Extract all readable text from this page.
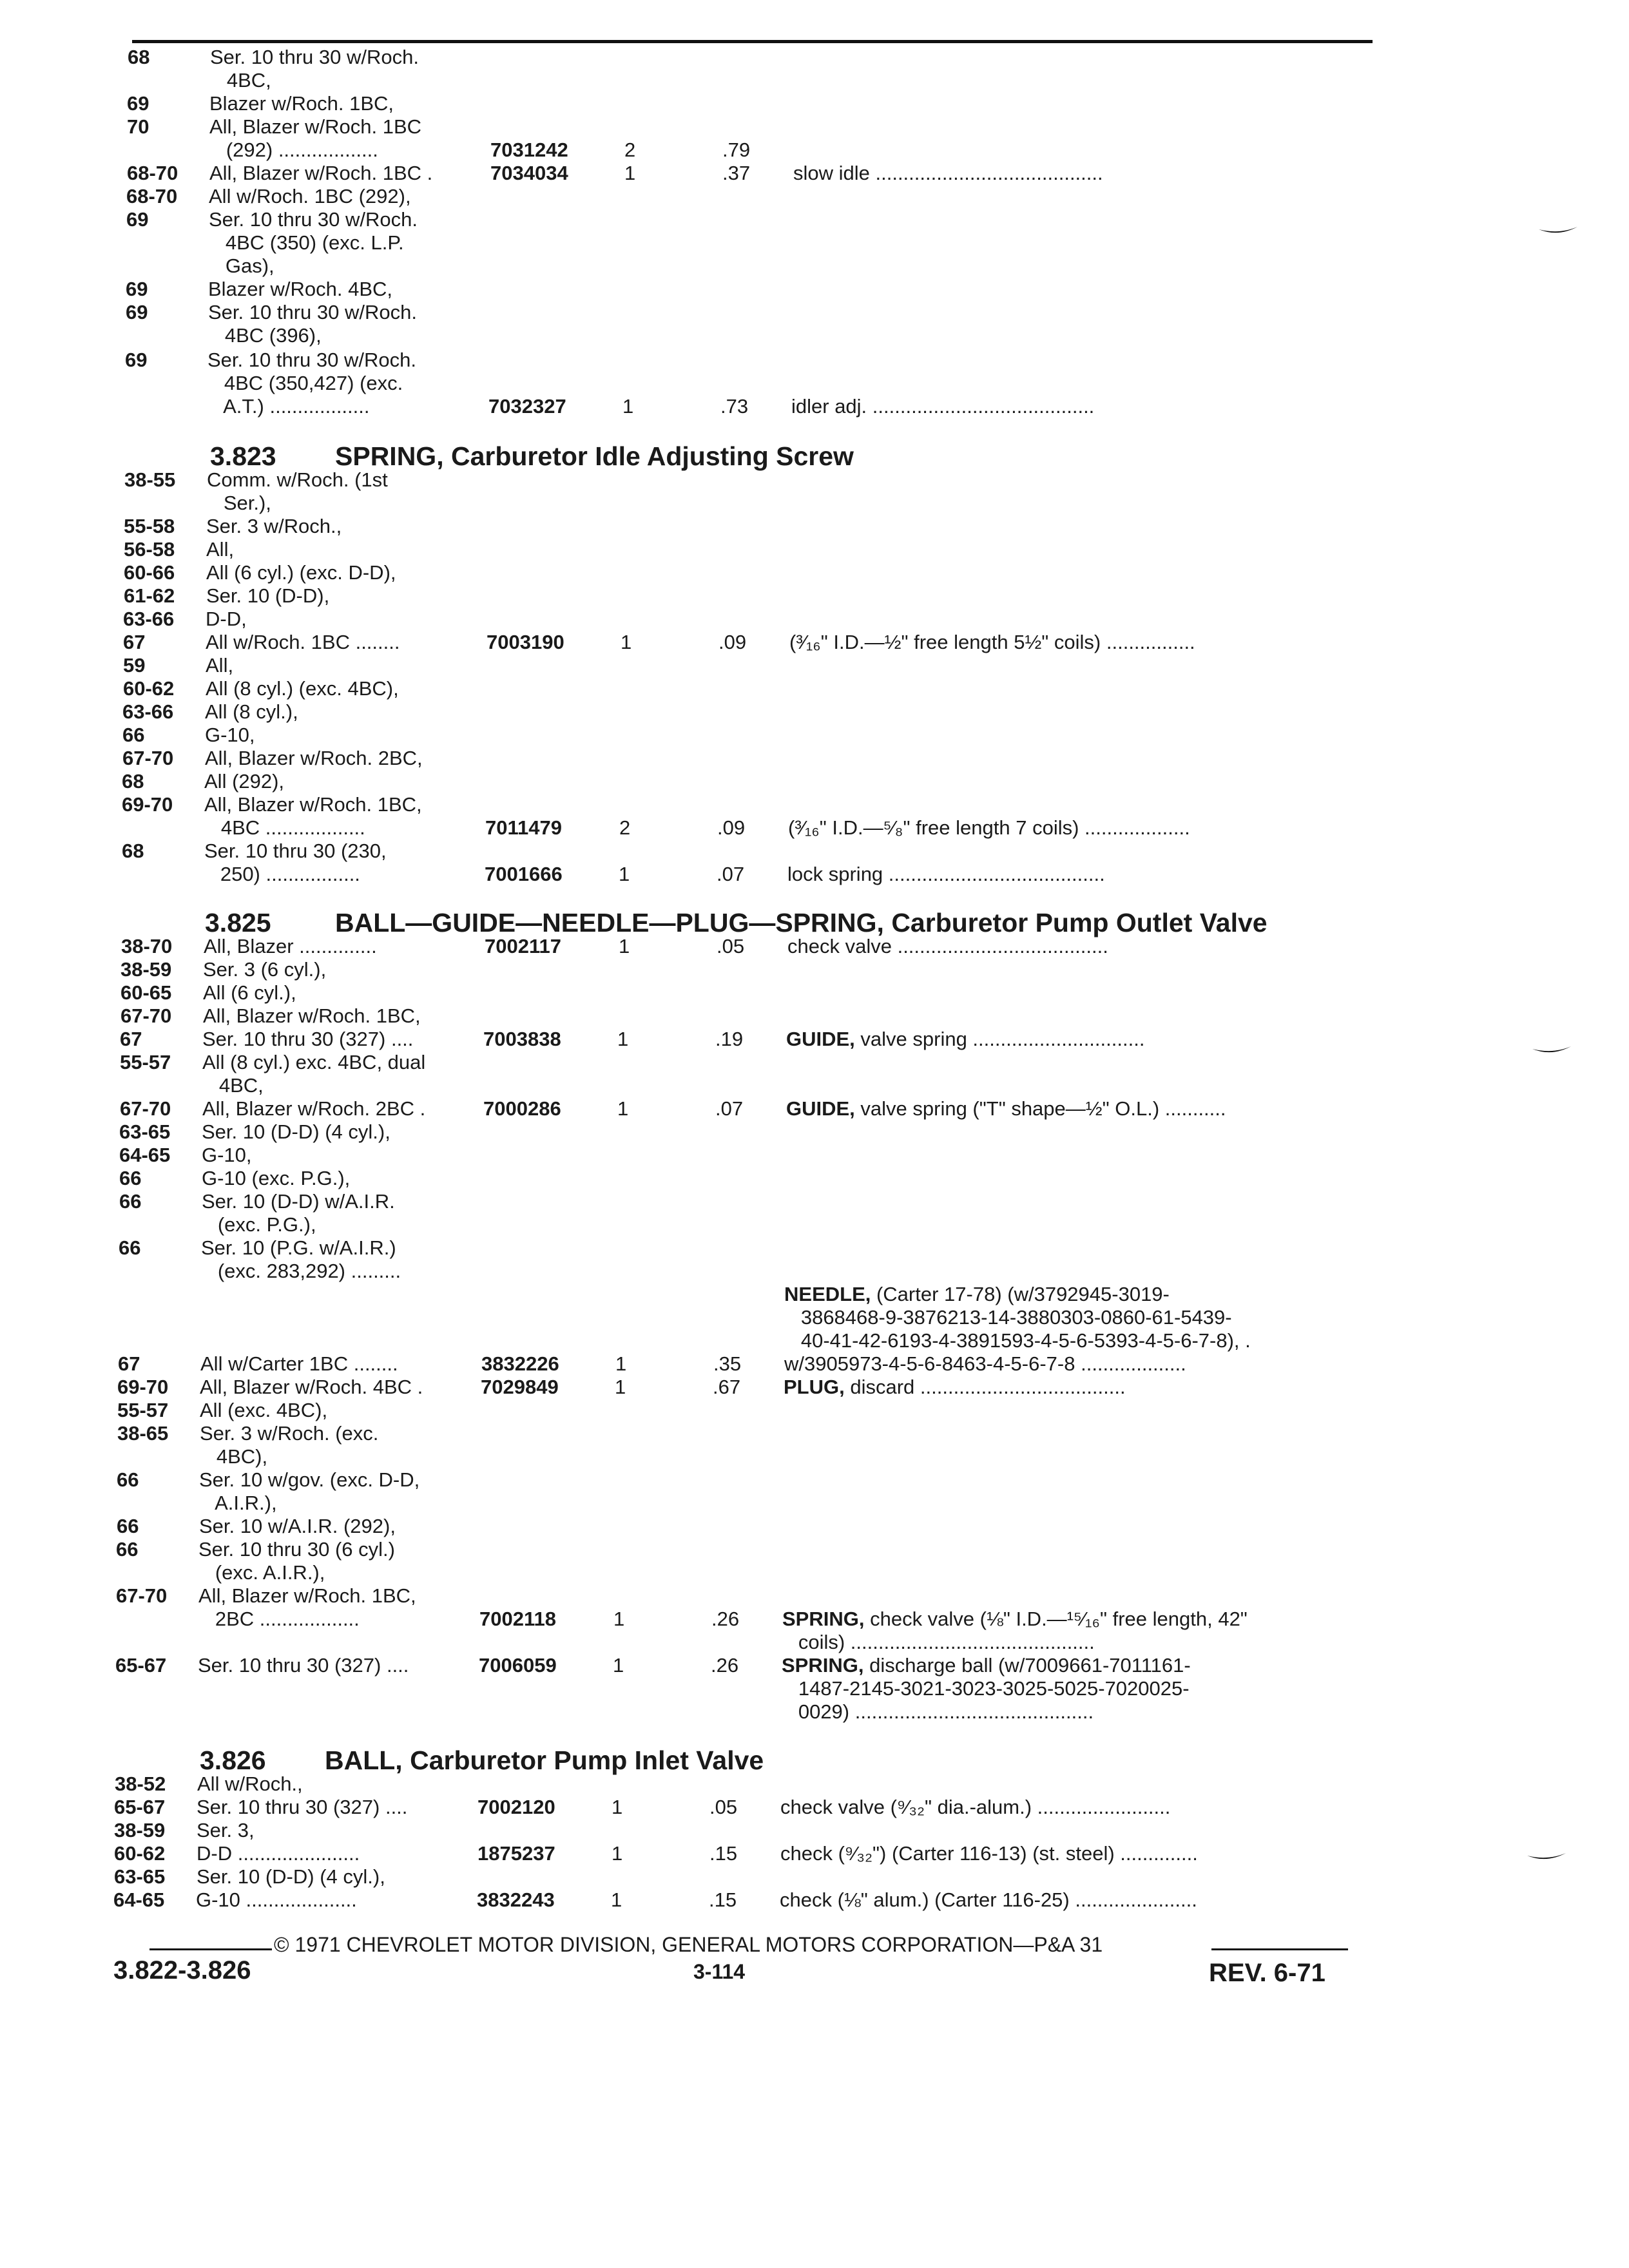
68	Ser. 10 thru 30 w/Roch.
4BC,
69	Blazer w/Roch. 1BC,
70	All, Blazer w/Roch. 1BC
(292) ..................	7031242	2	.79
68-70 All, Blazer w/Roch. 1BC .	7034034	1	.37 slow idle .........................................
68-70 All w/Roch. 1BC (292),
69	Ser. 10 thru 30 w/Roch.
4BC (350) (exc. L.P.
Gas),
69	Blazer w/Roch. 4BC,
69	Ser. 10 thru 30 w/Roch.
4BC (396),
69	Ser. 10 thru 30 w/Roch.
4BC (350,427) (exc.
A.T.) ..................	7032327	1	.73 idler adj. ........................................
38-55 Comm. w/Roch. (1st
Ser.),
55-58 Ser. 3 w/Roch.,
56-58 All,
60-66 All (6 cyl.) (exc. D-D),
61-62 Ser. 10 (D-D),
63-66 D-D,
67	All w/Roch. 1BC ........	7003190	1	.09 (³⁄₁₆" I.D.—½" free length 5½" coils) ................
59	All,
60-62 All (8 cyl.) (exc. 4BC),
63-66 All (8 cyl.),
66	G-10,
67-70 All, Blazer w/Roch. 2BC,
68	All (292),
69-70 All, Blazer w/Roch. 1BC,
4BC ..................	7011479	2	.09 (³⁄₁₆" I.D.—⁵⁄₈" free length 7 coils) ...................
68	Ser. 10 thru 30 (230,
250) .................	7001666	1	.07 lock spring .......................................
38-70 All, Blazer ..............	7002117	1	.05 check valve ......................................
38-59 Ser. 3 (6 cyl.),
60-65 All (6 cyl.),
67-70 All, Blazer w/Roch. 1BC,
67	Ser. 10 thru 30 (327) ....	7003838	1	.19 GUIDE, valve spring ...............................
55-57 All (8 cyl.) exc. 4BC, dual
4BC,
67-70 All, Blazer w/Roch. 2BC .	7000286	1	.07 GUIDE, valve spring ("T" shape—½" O.L.) ...........
63-65 Ser. 10 (D-D) (4 cyl.),
64-65 G-10,
66	G-10 (exc. P.G.),
66	Ser. 10 (D-D) w/A.I.R.
(exc. P.G.),
66	Ser. 10 (P.G. w/A.I.R.)
(exc. 283,292) .........
NEEDLE, (Carter 17-78) (w/3792945-3019-
3868468-9-3876213-14-3880303-0860-61-5439-
40-41-42-6193-4-3891593-4-5-6-5393-4-5-6-7-8), .
67	All w/Carter 1BC ........	3832226	1	.35 w/3905973-4-5-6-8463-4-5-6-7-8 ...................
69-70 All, Blazer w/Roch. 4BC .	7029849	1	.67 PLUG, discard .....................................
55-57 All (exc. 4BC),
38-65 Ser. 3 w/Roch. (exc.
4BC),
66	Ser. 10 w/gov. (exc. D-D,
A.I.R.),
66	Ser. 10 w/A.I.R. (292),
66	Ser. 10 thru 30 (6 cyl.)
(exc. A.I.R.),
67-70 All, Blazer w/Roch. 1BC,
2BC ..................	7002118	1	.26 SPRING, check valve (⅛" I.D.—¹⁵⁄₁₆" free length, 42"
coils) ............................................
65-67 Ser. 10 thru 30 (327) ....	7006059	1	.26 SPRING, discharge ball (w/7009661-7011161-
1487-2145-3021-3023-3025-5025-7020025-
0029) ...........................................
38-52 All w/Roch.,
65-67 Ser. 10 thru 30 (327) ....	7002120	1	.05 check valve (⁹⁄₃₂" dia.-alum.) ........................
38-59 Ser. 3,
60-62 D-D ......................	1875237	1	.15 check (⁹⁄₃₂") (Carter 116-13) (st. steel) ..............
63-65 Ser. 10 (D-D) (4 cyl.),
64-65 G-10 ....................	3832243	1	.15 check (⅛" alum.) (Carter 116-25) ......................
3.823 SPRING, Carburetor Idle Adjusting Screw
3.825 BALL—GUIDE—NEEDLE—PLUG—SPRING, Carburetor Pump Outlet Valve
3.826 BALL, Carburetor Pump Inlet Valve
© 1971 CHEVROLET MOTOR DIVISION, GENERAL MOTORS CORPORATION—P&A 31
3.822-3.826	3-114	REV. 6-71
